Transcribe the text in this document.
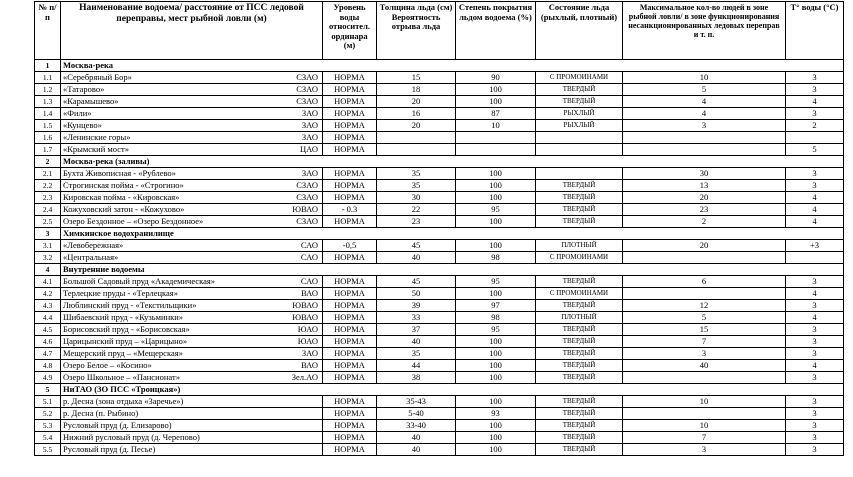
№ п/п	Наименование водоема/ расстояние от ПСС ледовой переправы, мест рыбной ловли (м)	Уровень воды относител. ординара (м)	Толщина льда (см) Вероятность отрыва льда	Степень покрытия льдом водоема (%)	Состояние льда (рыхлый, плотный)	Максимальное кол-во людей в зоне рыбной ловли/ в зоне функционирования несанкционированных ледовых переправ и т. п.	Т° воды (°С)
1	Москва-река						
1.1	«Серебряный Бор» СЗАО	НОРМА	15	90	С ПРОМОИНАМИ	10	3
1.2	«Татарово» СЗАО	НОРМА	18	100	ТВЕРДЫЙ	5	3
1.3	«Карамышево» СЗАО	НОРМА	20	100	ТВЕРДЫЙ	4	4
1.4	«Фили» ЗАО	НОРМА	16	87	РЫХЛЫЙ	4	3
1.5	«Кунцево» ЗАО	НОРМА	20	10	РЫХЛЫЙ	3	2
1.6	«Ленинские горы» ЗАО	НОРМА					
1.7	«Крымский мост» ЦАО	НОРМА					5
2	Москва-река (заливы)						
2.1	Бухта Живописная - «Рублево» ЗАО	НОРМА	35	100		30	3
2.2	Строгинская пойма - «Строгино» СЗАО	НОРМА	35	100	ТВЕРДЫЙ	13	3
2.3	Кировская пойма - «Кировская» СЗАО	НОРМА	30	100	ТВЕРДЫЙ	20	4
2.4	Кожуховский затон - «Кожухово» ЮВАО	- 0.3	22	95	ТВЕРДЫЙ	23	4
2.5	Озеро Бездонное – «Озеро Бездонное» СЗАО	НОРМА	23	100	ТВЕРДЫЙ	2	4
3	Химкинское водохранилище						
3.1	«Левобережная» САО	-0,5	45	100	ПЛОТНЫЙ	20	+3
3.2	«Центральная» САО	НОРМА	40	98	С ПРОМОИНАМИ		
4	Внутренние водоемы						
4.1	Большой Садовый пруд «Академическая» САО	НОРМА	45	95	ТВЕРДЫЙ	6	3
4.2	Терлецкие пруды - «Терлецкая» ВАО	НОРМА	50	100	С ПРОМОИНАМИ		4
4.3	Люблинский пруд - «Текстильщики» ЮВАО	НОРМА	39	97	ТВЕРДЫЙ	12	3
4.4	Шибаевский пруд - «Кузьминки» ЮВАО	НОРМА	33	98	ПЛОТНЫЙ	5	4
4.5	Борисовский пруд - «Борисовская» ЮАО	НОРМА	37	95	ТВЕРДЫЙ	15	3
4.6	Царицынский пруд – «Царицыно» ЮАО	НОРМА	40	100	ТВЕРДЫЙ	7	3
4.7	Мещерский пруд – «Мещерская» ЗАО	НОРМА	35	100	ТВЕРДЫЙ	3	3
4.8	Озеро Белое – «Косино» ВАО	НОРМА	44	100	ТВЕРДЫЙ	40	4
4.9	Озеро Школьное – «Пансионат» Зел.АО	НОРМА	38	100	ТВЕРДЫЙ		3
5	НиТАО (ЗО ПСС «Троицкая»)						
5.1	р. Десна (зона отдыха «Заречье»)	НОРМА	35-43	100	ТВЕРДЫЙ	10	3
5.2	р. Десна (п. Рыбино)	НОРМА	5-40	93	ТВЕРДЫЙ		3
5.3	Русловый пруд (д. Елизарово)	НОРМА	33-40	100	ТВЕРДЫЙ	10	3
5.4	Нижний русловый пруд (д. Черепово)	НОРМА	40	100	ТВЕРДЫЙ	7	3
5.5	Русловый пруд (д. Песье)	НОРМА	40	100	ТВЕРДЫЙ	3	3
